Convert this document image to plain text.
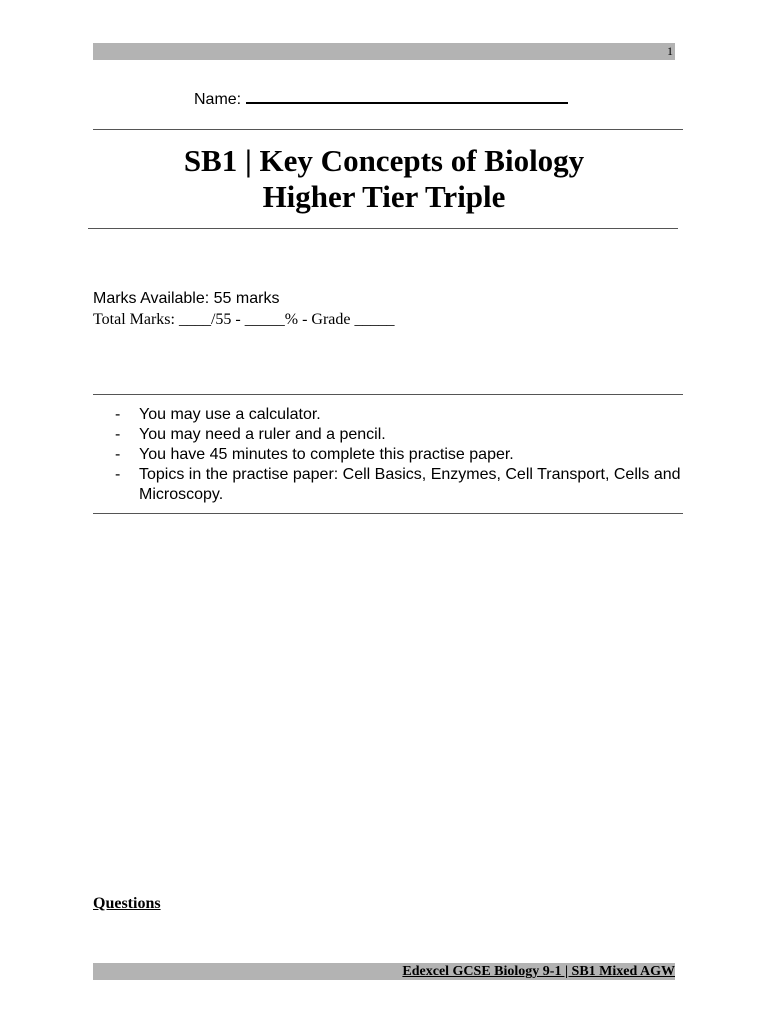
1
Name:
SB1 | Key Concepts of Biology
Higher Tier Triple
Marks Available: 55 marks
Total Marks: ____/55 - _____% - Grade _____
- You may use a calculator.
- You may need a ruler and a pencil.
- You have 45 minutes to complete this practise paper.
- Topics in the practise paper: Cell Basics, Enzymes, Cell Transport, Cells and Microscopy.
Questions
Edexcel GCSE Biology 9-1 | SB1 Mixed AGW
